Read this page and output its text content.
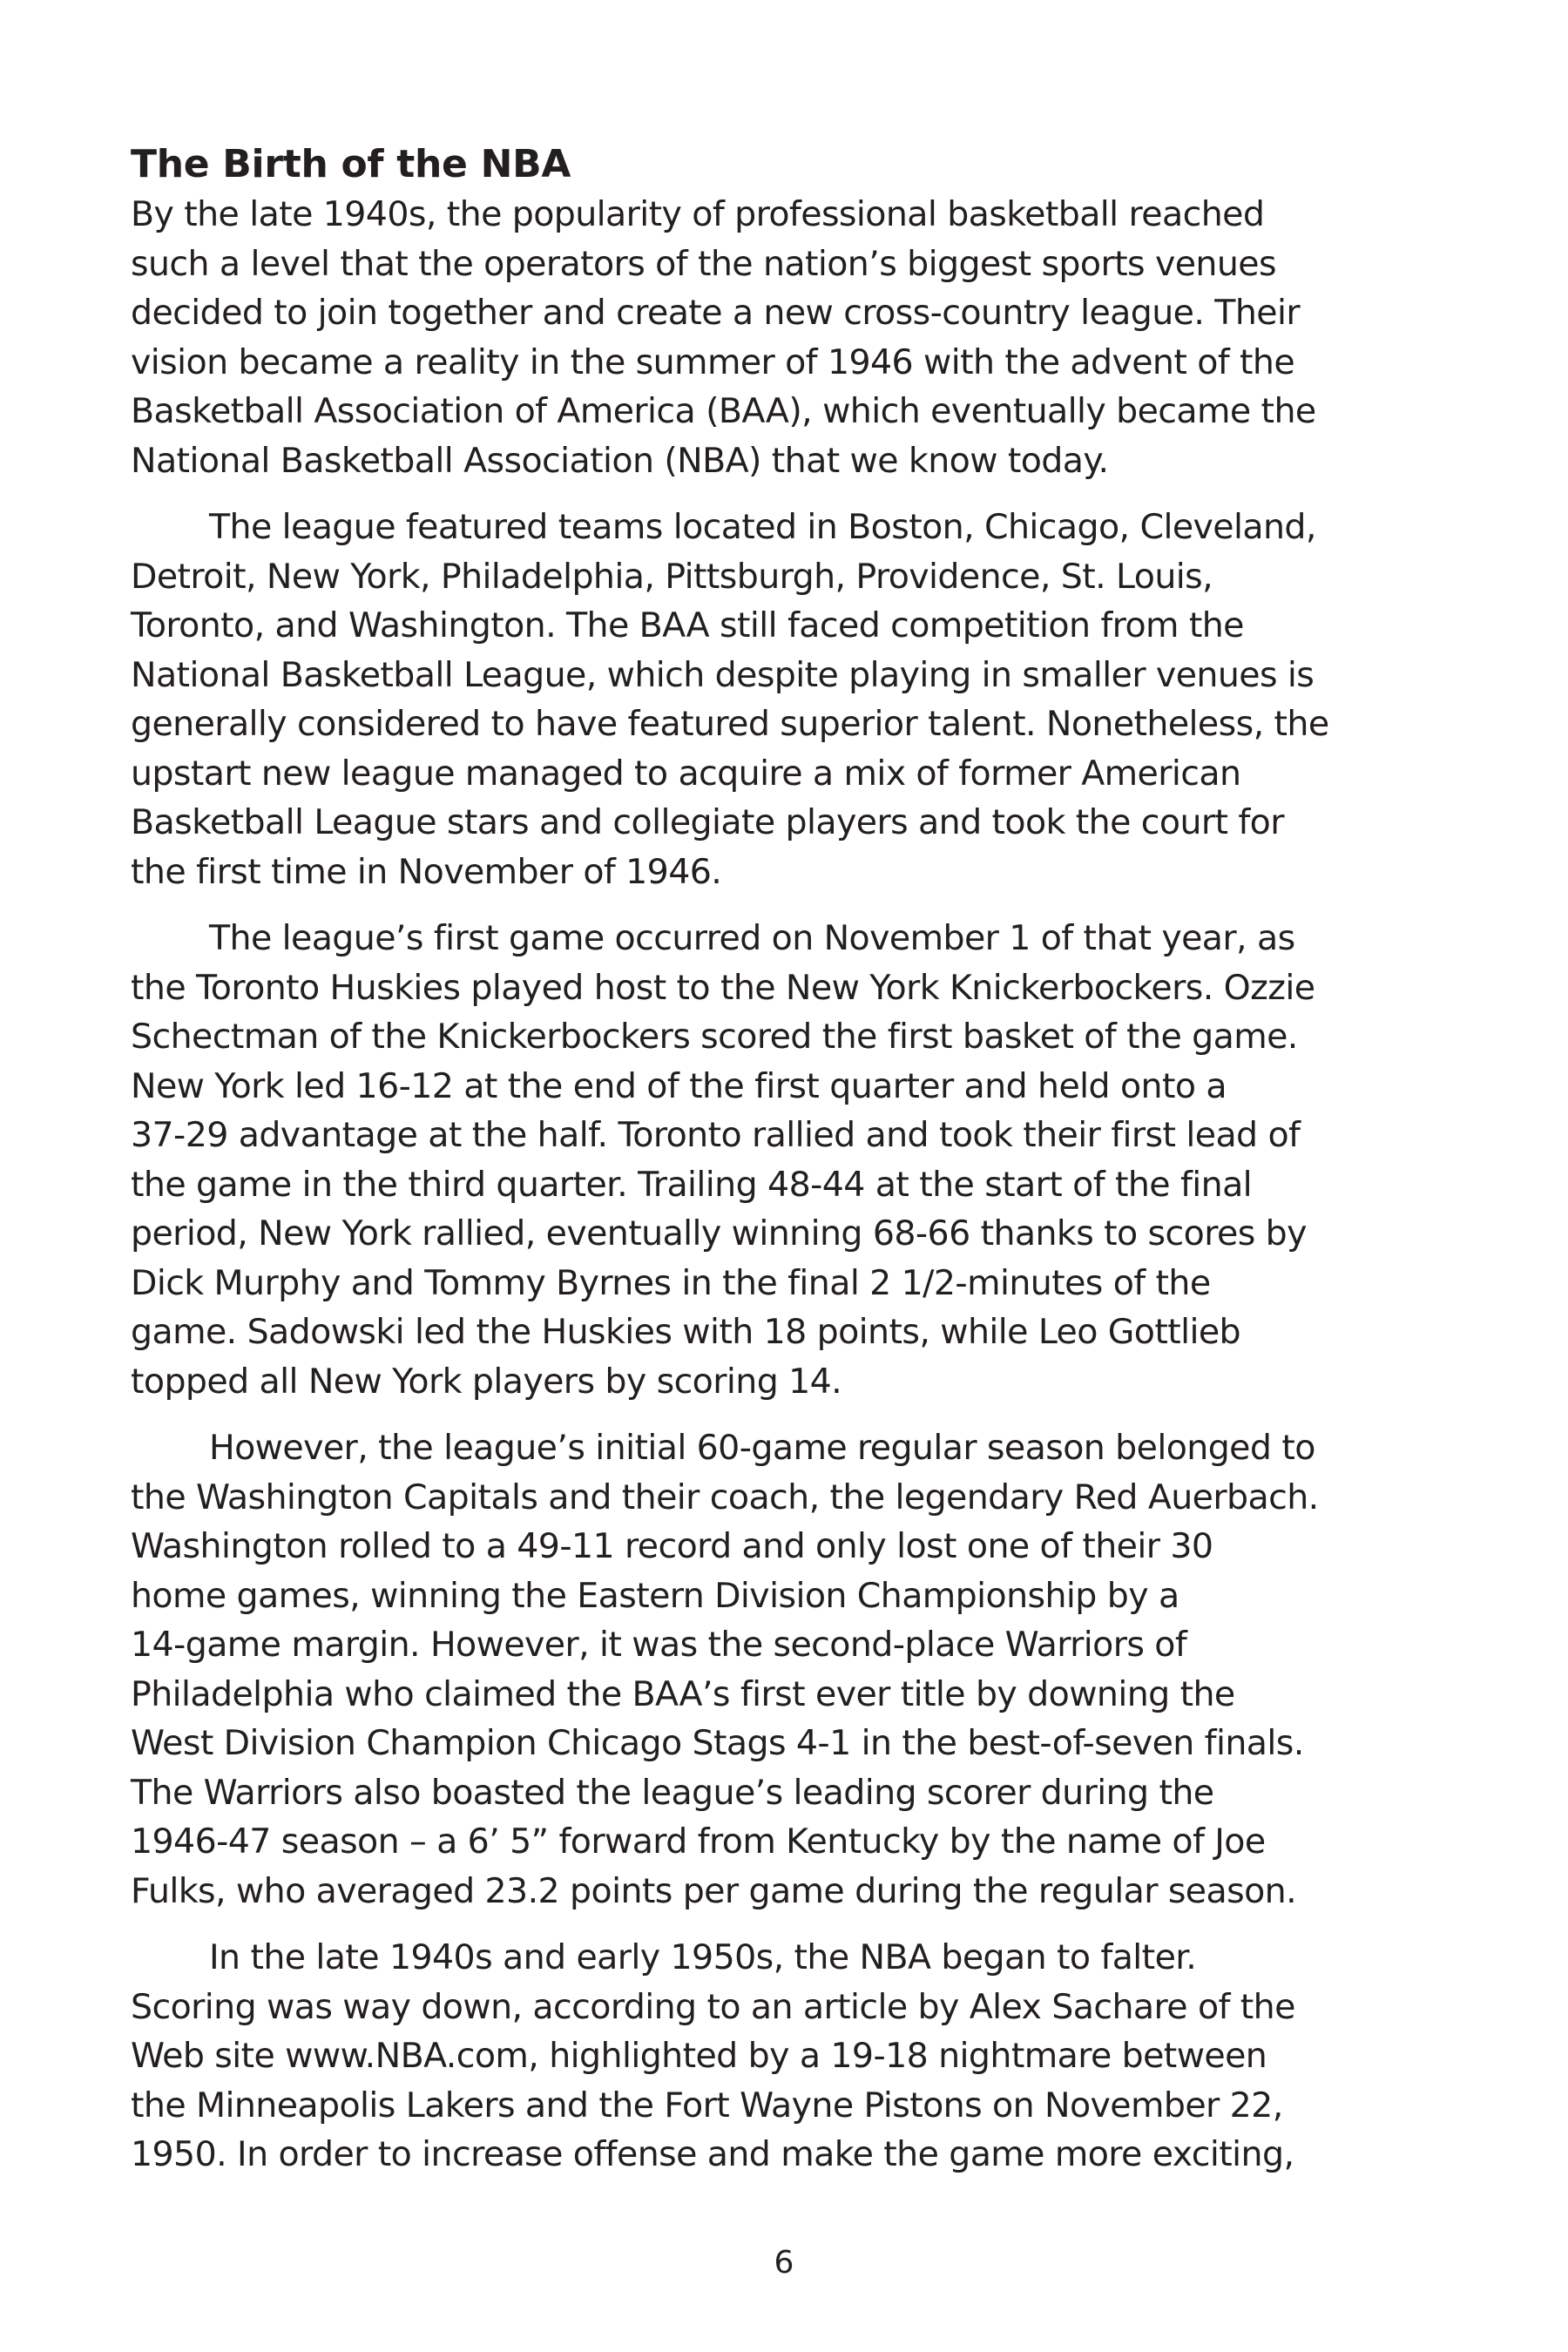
The Birth of the NBA

By the late 1940s, the popularity of professional basketball reached
such a level that the operators of the nation’s biggest sports venues
decided to join together and create a new cross-country league. Their
vision became a reality in the summer of 1946 with the advent of the
Basketball Association of America (BAA), which eventually became the
National Basketball Association (NBA) that we know today.

The league featured teams located in Boston, Chicago, Cleveland,
Detroit, New York, Philadelphia, Pittsburgh, Providence, St. Louis,
Toronto, and Washington. The BAA still faced competition from the
National Basketball League, which despite playing in smaller venues is
generally considered to have featured superior talent. Nonetheless, the
upstart new league managed to acquire a mix of former American
Basketball League stars and collegiate players and took the court for
the first time in November of 1946.

The league’s first game occurred on November 1 of that year, as
the Toronto Huskies played host to the New York Knickerbockers. Ozzie
Schectman of the Knickerbockers scored the first basket of the game.
New York led 16-12 at the end of the first quarter and held onto a
37-29 advantage at the half. Toronto rallied and took their first lead of
the game in the third quarter. Trailing 48-44 at the start of the final
period, New York rallied, eventually winning 68-66 thanks to scores by
Dick Murphy and Tommy Byrnes in the final 2 1/2-minutes of the
game. Sadowski led the Huskies with 18 points, while Leo Gottlieb
topped all New York players by scoring 14.

However, the league’s initial 60-game regular season belonged to
the Washington Capitals and their coach, the legendary Red Auerbach.
Washington rolled to a 49-11 record and only lost one of their 30
home games, winning the Eastern Division Championship by a
14-game margin. However, it was the second-place Warriors of
Philadelphia who claimed the BAA’s first ever title by downing the
West Division Champion Chicago Stags 4-1 in the best-of-seven finals.
The Warriors also boasted the league’s leading scorer during the
1946-47 season – a 6’ 5” forward from Kentucky by the name of Joe
Fulks, who averaged 23.2 points per game during the regular season.

In the late 1940s and early 1950s, the NBA began to falter.
Scoring was way down, according to an article by Alex Sachare of the
Web site www.NBA.com, highlighted by a 19-18 nightmare between
the Minneapolis Lakers and the Fort Wayne Pistons on November 22,
1950. In order to increase offense and make the game more exciting,

6
